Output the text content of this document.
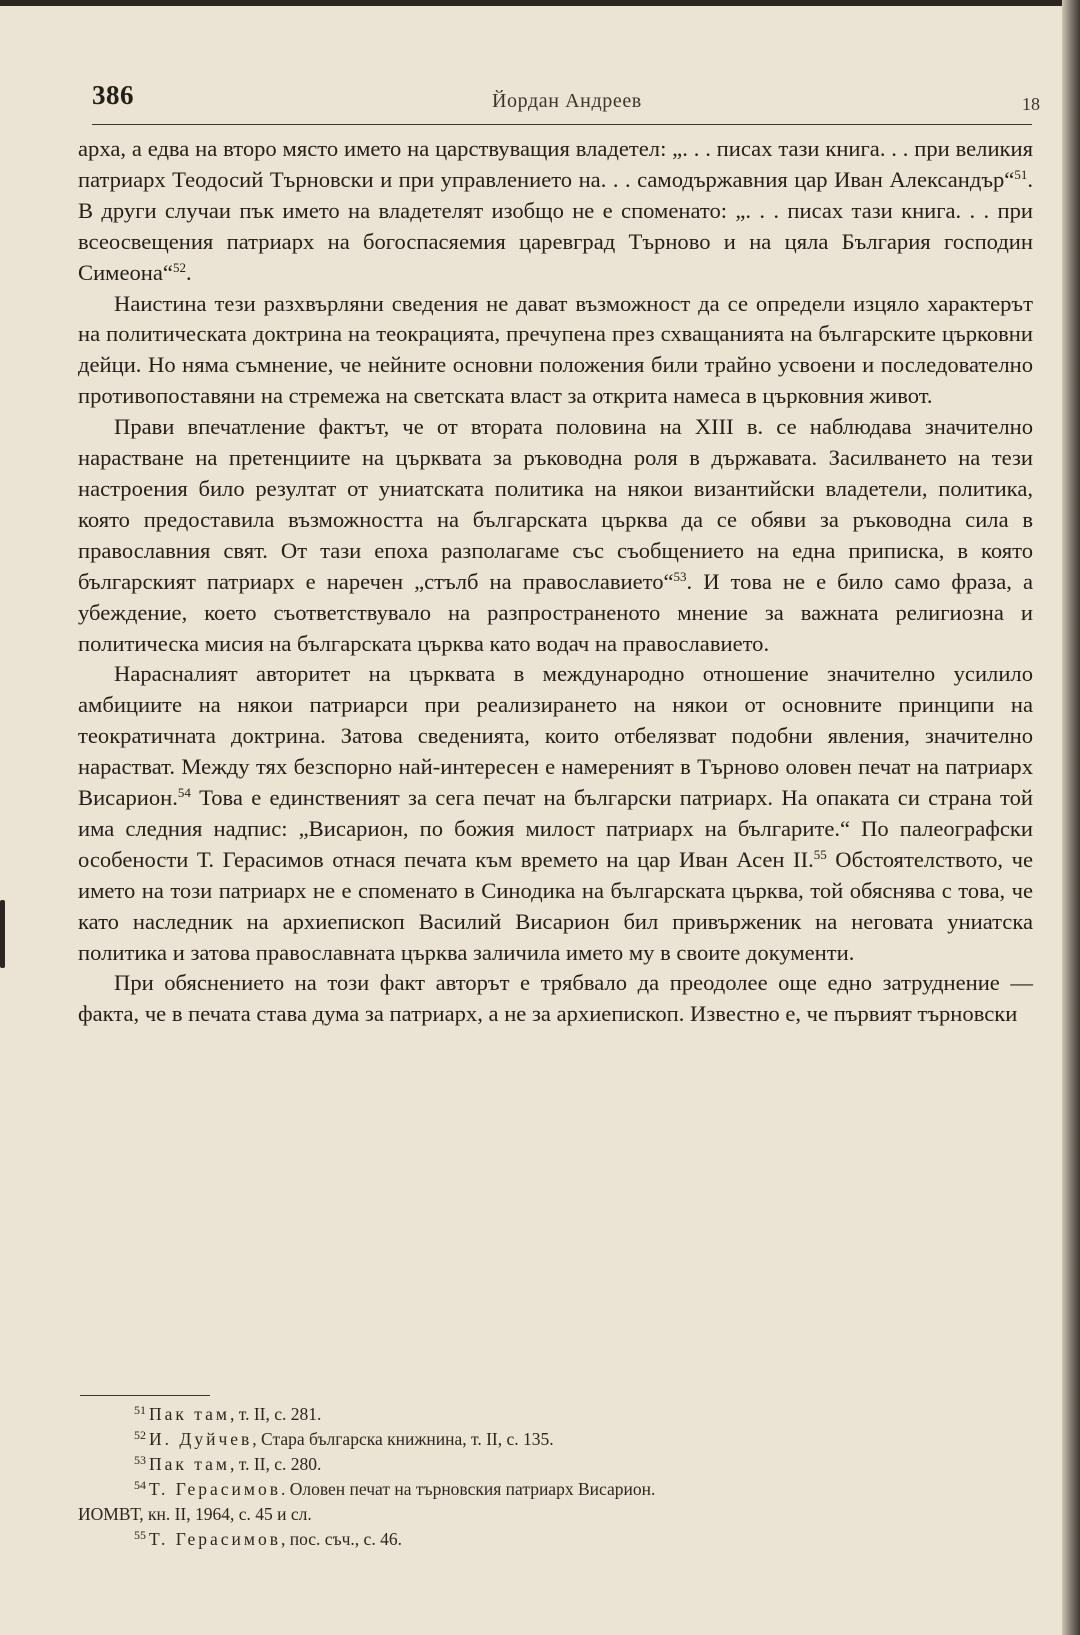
386	Йордан Андреев	18

арха, а едва на второ място името на царствуващия владетел: „. . . писах тази книга. . . при великия патриарх Теодосий Търновски и при управлението на. . . самодържавния цар Иван Александър“$^{51}$. В други случаи пък името на владетелят изобщо не е споменато: „. . . писах тази книга. . . при всеосвещения патриарх на богоспасяемия царевград Търново и на цяла България господин Симеона“$^{52}$.

Наистина тези разхвърляни сведения не дават възможност да се определи изцяло характерът на политическата доктрина на теокрацията, пречупена през схващанията на българските църковни дейци. Но няма съмнение, че нейните основни положения били трайно усвоени и последователно противопоставяни на стремежа на светската власт за открита намеса в църковния живот.

Прави впечатление фактът, че от втората половина на XIII в. се наблюдава значително нарастване на претенциите на църквата за ръководна роля в държавата. Засилването на тези настроения било резултат от униатската политика на някои византийски владетели, политика, която предоставила възможността на българската църква да се обяви за ръководна сила в православния свят. От тази епоха разполагаме със съобщението на една приписка, в която българският патриарх е наречен „стълб на православието“$^{53}$. И това не е било само фраза, а убеждение, което съответствувало на разпространеното мнение за важната религиозна и политическа мисия на българската църква като водач на православието.

Нарасналият авторитет на църквата в международно отношение значително усилило амбициите на някои патриарси при реализирането на някои от основните принципи на теократичната доктрина. Затова сведенията, които отбелязват подобни явления, значително нарастват. Между тях безспорно най-интересен е намереният в Търново оловен печат на патриарх Висарион.$^{54}$ Това е единственият за сега печат на български патриарх. На опаката си страна той има следния надпис: „Висарион, по божия милост патриарх на българите.“ По палеографски особености Т. Герасимов отнася печата към времето на цар Иван Асен II.$^{55}$ Обстоятелството, че името на този патриарх не е споменато в Синодика на българската църква, той обяснява с това, че като наследник на архиепископ Василий Висарион бил привърженик на неговата униатска политика и затова православната църква заличила името му в своите документи.

При обяснението на този факт авторът е трябвало да преодолее още едно затруднение — факта, че в печата става дума за патриарх, а не за архиепископ. Известно е, че първият търновски

$^{51}$ Пак там, т. II, с. 281.
$^{52}$ И. Дуйчев, Стара българска книжнина, т. II, с. 135.
$^{53}$ Пак там, т. II, с. 280.
$^{54}$ Т. Герасимов. Оловен печат на търновския патриарх Висарион.
ИОМВТ, кн. II, 1964, с. 45 и сл.
$^{55}$ Т. Герасимов, пос. съч., с. 46.
